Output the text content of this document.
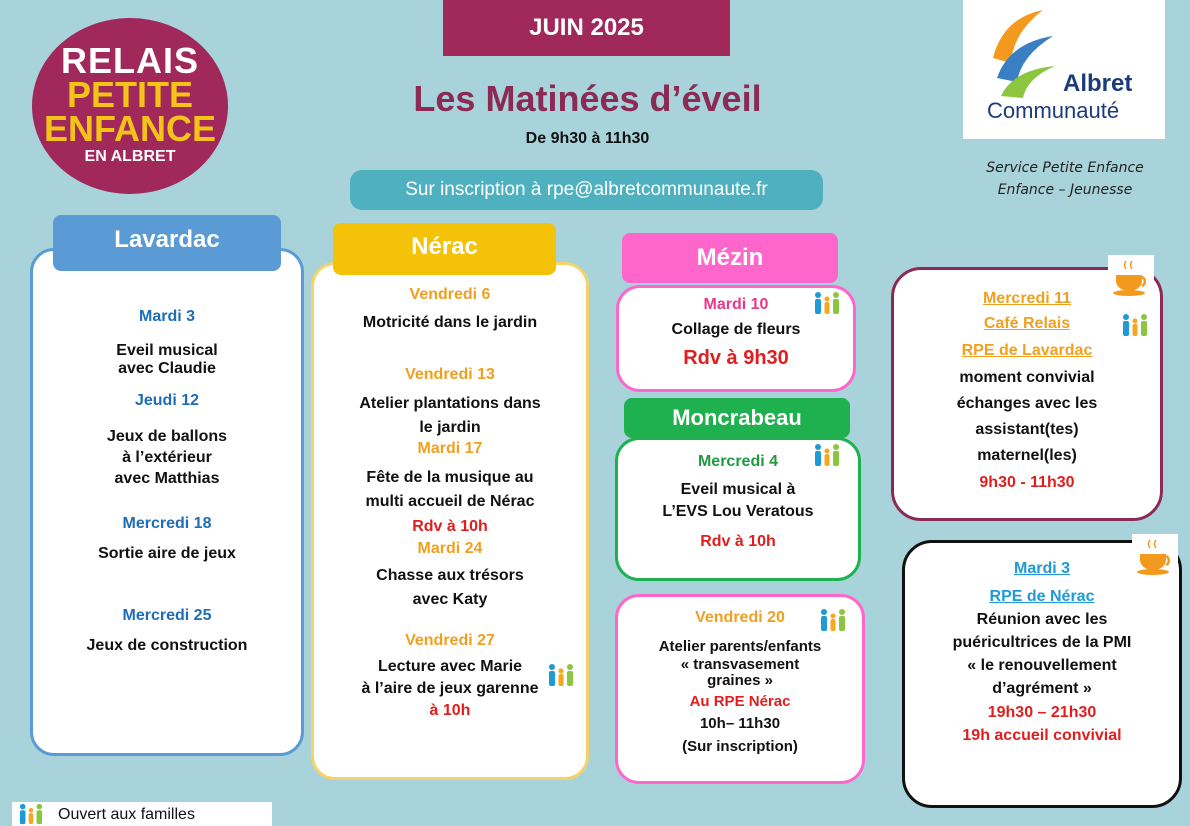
RELAIS
PETITE
ENFANCE
EN ALBRET
JUIN 2025
Les Matinées d’éveil
De 9h30 à 11h30
Sur inscription à rpe@albretcommunaute.fr
Albret
Communauté
Service Petite Enfance
Enfance – Jeunesse
Lavardac
Mardi 3
Eveil musical
avec Claudie
Jeudi 12
Jeux de ballons
à l’extérieur
avec Matthias
Mercredi 18
Sortie aire de jeux
Mercredi 25
Jeux de construction
Nérac
Vendredi 6
Motricité dans le jardin
Vendredi 13
Atelier plantations dans
le jardin
Mardi 17
Fête de la musique au
multi accueil de Nérac
Rdv à 10h
Mardi 24
Chasse aux trésors
avec Katy
Vendredi 27
Lecture avec Marie
à l’aire de jeux garenne
à 10h
Mézin
Mardi 10
Collage de fleurs
Rdv à 9h30
Moncrabeau
Mercredi 4
Eveil musical à
L’EVS Lou Veratous
Rdv à 10h
Vendredi 20
Atelier parents/enfants
« transvasement
graines »
Au RPE Nérac
10h– 11h30
(Sur inscription)
Mercredi 11
Café Relais
RPE de Lavardac
moment convivial
échanges avec les
assistant(tes)
maternel(les)
9h30 - 11h30
Mardi 3
RPE de Nérac
Réunion avec les
puéricultrices de la PMI
« le renouvellement
d’agrément »
19h30 – 21h30
19h accueil convivial
Ouvert aux familles
